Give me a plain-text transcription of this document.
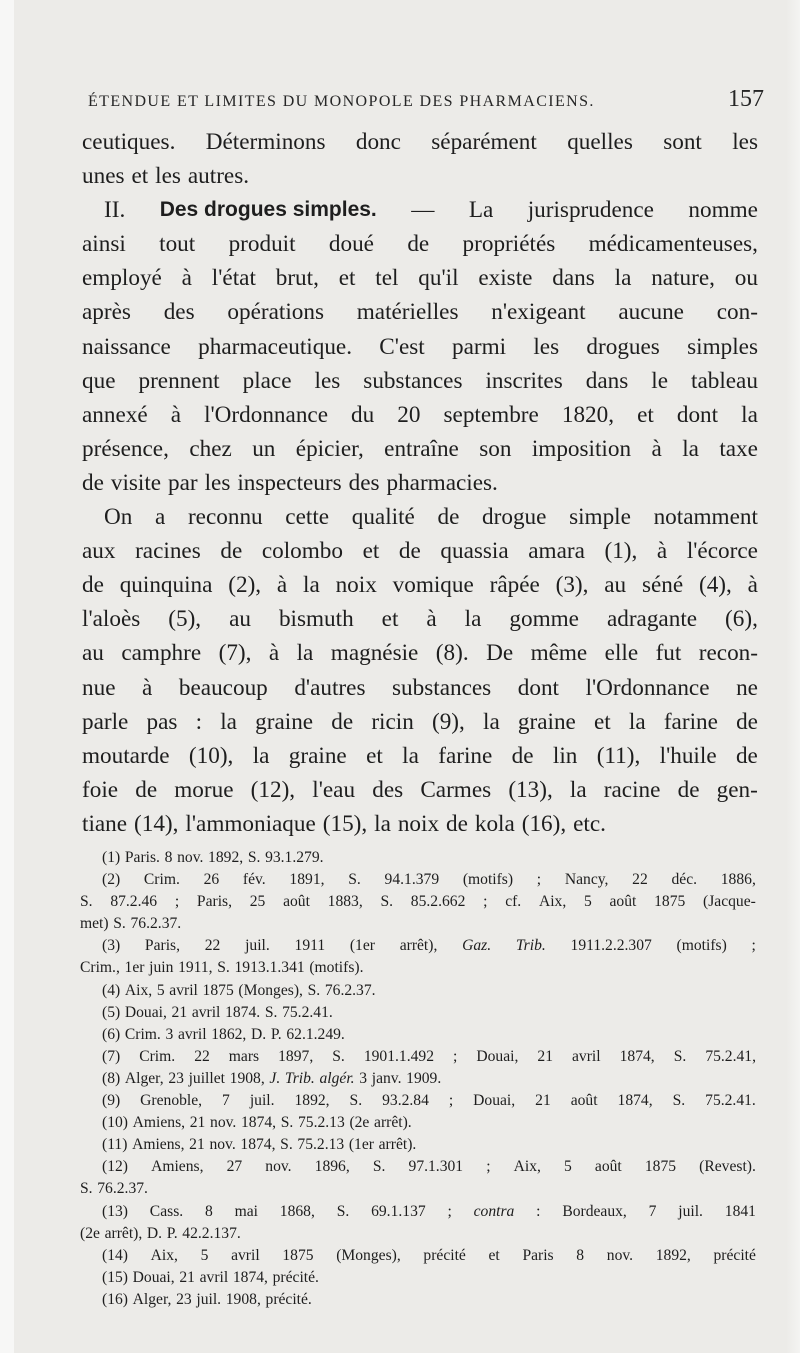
ÉTENDUE ET LIMITES DU MONOPOLE DES PHARMACIENS.	157
ceutiques. Déterminons donc séparément quelles sont les
unes et les autres.
II. Des drogues simples. — La jurisprudence nomme
ainsi tout produit doué de propriétés médicamenteuses,
employé à l'état brut, et tel qu'il existe dans la nature, ou
après des opérations matérielles n'exigeant aucune con-
naissance pharmaceutique. C'est parmi les drogues simples
que prennent place les substances inscrites dans le tableau
annexé à l'Ordonnance du 20 septembre 1820, et dont la
présence, chez un épicier, entraîne son imposition à la taxe
de visite par les inspecteurs des pharmacies.
On a reconnu cette qualité de drogue simple notamment
aux racines de colombo et de quassia amara (1), à l'écorce
de quinquina (2), à la noix vomique râpée (3), au séné (4), à
l'aloès (5), au bismuth et à la gomme adragante (6),
au camphre (7), à la magnésie (8). De même elle fut recon-
nue à beaucoup d'autres substances dont l'Ordonnance ne
parle pas : la graine de ricin (9), la graine et la farine de
moutarde (10), la graine et la farine de lin (11), l'huile de
foie de morue (12), l'eau des Carmes (13), la racine de gen-
tiane (14), l'ammoniaque (15), la noix de kola (16), etc.
(1) Paris. 8 nov. 1892, S. 93.1.279.
(2) Crim. 26 fév. 1891, S. 94.1.379 (motifs) ; Nancy, 22 déc. 1886,
S. 87.2.46 ; Paris, 25 août 1883, S. 85.2.662 ; cf. Aix, 5 août 1875 (Jacque-
met) S. 76.2.37.
(3) Paris, 22 juil. 1911 (1er arrêt), Gaz. Trib. 1911.2.2.307 (motifs) ;
Crim., 1er juin 1911, S. 1913.1.341 (motifs).
(4) Aix, 5 avril 1875 (Monges), S. 76.2.37.
(5) Douai, 21 avril 1874. S. 75.2.41.
(6) Crim. 3 avril 1862, D. P. 62.1.249.
(7) Crim. 22 mars 1897, S. 1901.1.492 ; Douai, 21 avril 1874, S. 75.2.41,
(8) Alger, 23 juillet 1908, J. Trib. algér. 3 janv. 1909.
(9) Grenoble, 7 juil. 1892, S. 93.2.84 ; Douai, 21 août 1874, S. 75.2.41.
(10) Amiens, 21 nov. 1874, S. 75.2.13 (2e arrêt).
(11) Amiens, 21 nov. 1874, S. 75.2.13 (1er arrêt).
(12) Amiens, 27 nov. 1896, S. 97.1.301 ; Aix, 5 août 1875 (Revest).
S. 76.2.37.
(13) Cass. 8 mai 1868, S. 69.1.137 ; contra : Bordeaux, 7 juil. 1841
(2e arrêt), D. P. 42.2.137.
(14) Aix, 5 avril 1875 (Monges), précité et Paris 8 nov. 1892, précité
(15) Douai, 21 avril 1874, précité.
(16) Alger, 23 juil. 1908, précité.
